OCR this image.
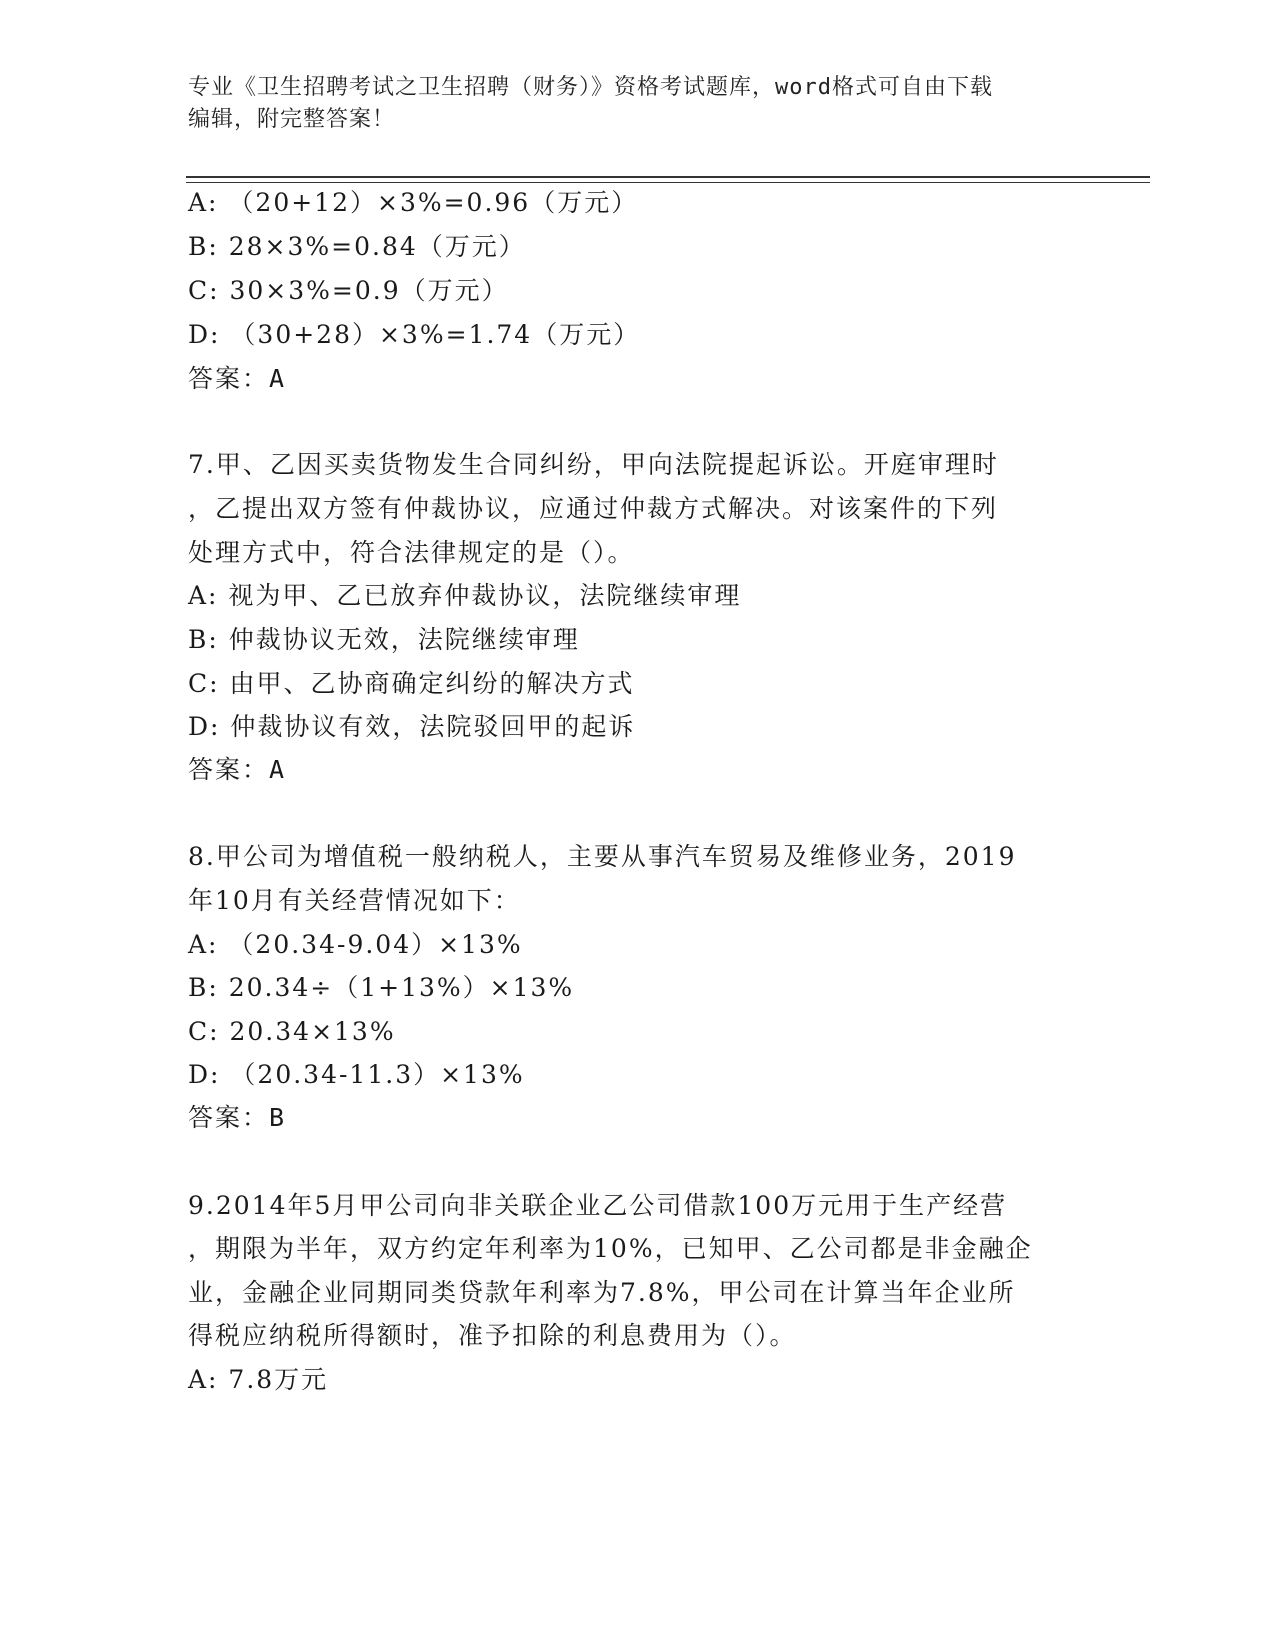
专业《卫生招聘考试之卫生招聘（财务）》资格考试题库，word格式可自由下载
编辑，附完整答案！
A: （20+12）×3%=0.96（万元）
B: 28×3%=0.84（万元）
C: 30×3%=0.9（万元）
D: （30+28）×3%=1.74（万元）
答案：A
7.甲、乙因买卖货物发生合同纠纷，甲向法院提起诉讼。开庭审理时
，乙提出双方签有仲裁协议，应通过仲裁方式解决。对该案件的下列
处理方式中，符合法律规定的是（）。
A: 视为甲、乙已放弃仲裁协议，法院继续审理
B: 仲裁协议无效，法院继续审理
C: 由甲、乙协商确定纠纷的解决方式
D: 仲裁协议有效，法院驳回甲的起诉
答案：A
8.甲公司为增值税一般纳税人，主要从事汽车贸易及维修业务，2019
年10月有关经营情况如下：
A: （20.34-9.04）×13%
B: 20.34÷（1+13%）×13%
C: 20.34×13%
D: （20.34-11.3）×13%
答案：B
9.2014年5月甲公司向非关联企业乙公司借款100万元用于生产经营
，期限为半年，双方约定年利率为10%，已知甲、乙公司都是非金融企
业，金融企业同期同类贷款年利率为7.8%，甲公司在计算当年企业所
得税应纳税所得额时，准予扣除的利息费用为（）。
A: 7.8万元
